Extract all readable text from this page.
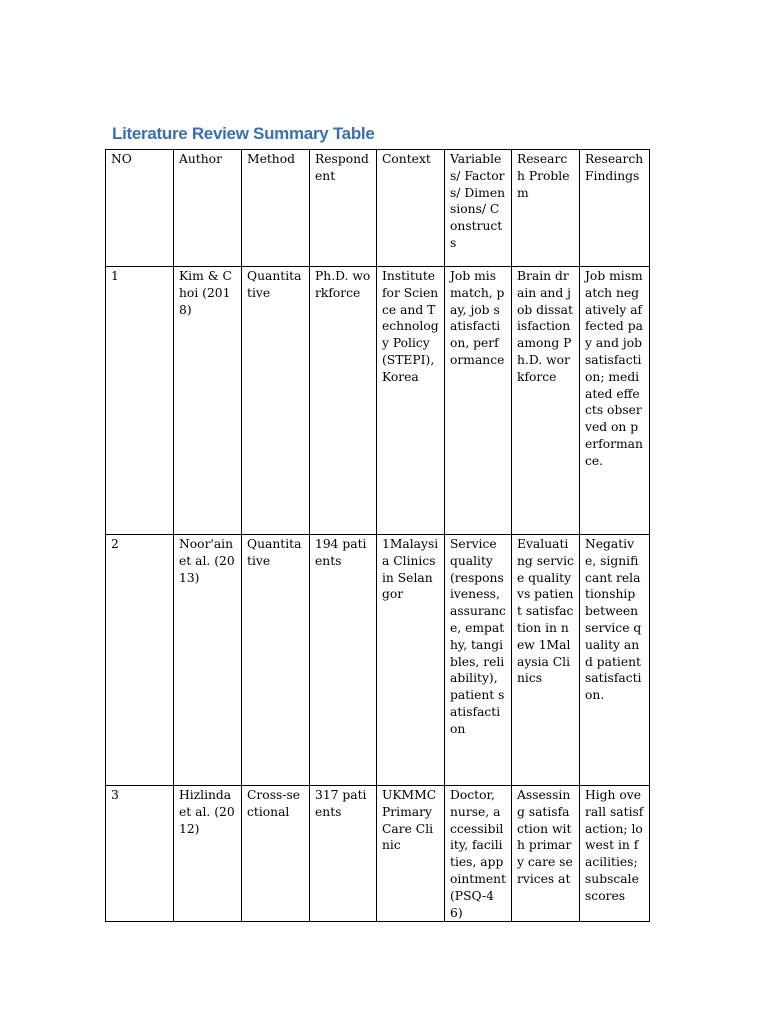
Literature Review Summary Table
NO	Author	Method	Respondent	Context	Variables/ Factors/ Dimensions/ Constructs	Research Problem	Research Findings
1	Kim & Choi (2018)	Quantitative	Ph.D. workforce	Institute for Science and Technology Policy (STEPI), Korea	Job mismatch, pay, job satisfaction, performance	Brain drain and job dissatisfaction among Ph.D. workforce	Job mismatch negatively affected pay and job satisfaction; mediated effects observed on performance.
2	Noor'ain et al. (2013)	Quantitative	194 patients	1Malaysia Clinics in Selangor	Service quality (responsiveness, assurance, empathy, tangibles, reliability), patient satisfaction	Evaluating service quality vs patient satisfaction in new 1Malaysia Clinics	Negative, significant relationship between service quality and patient satisfaction.
3	Hizlinda et al. (2012)	Cross-sectional	317 patients	UKMMC Primary Care Clinic	Doctor, nurse, accessibility, facilities, appointment (PSQ-46)	Assessing satisfaction with primary care services at	High overall satisfaction; lowest in facilities; subscale scores
